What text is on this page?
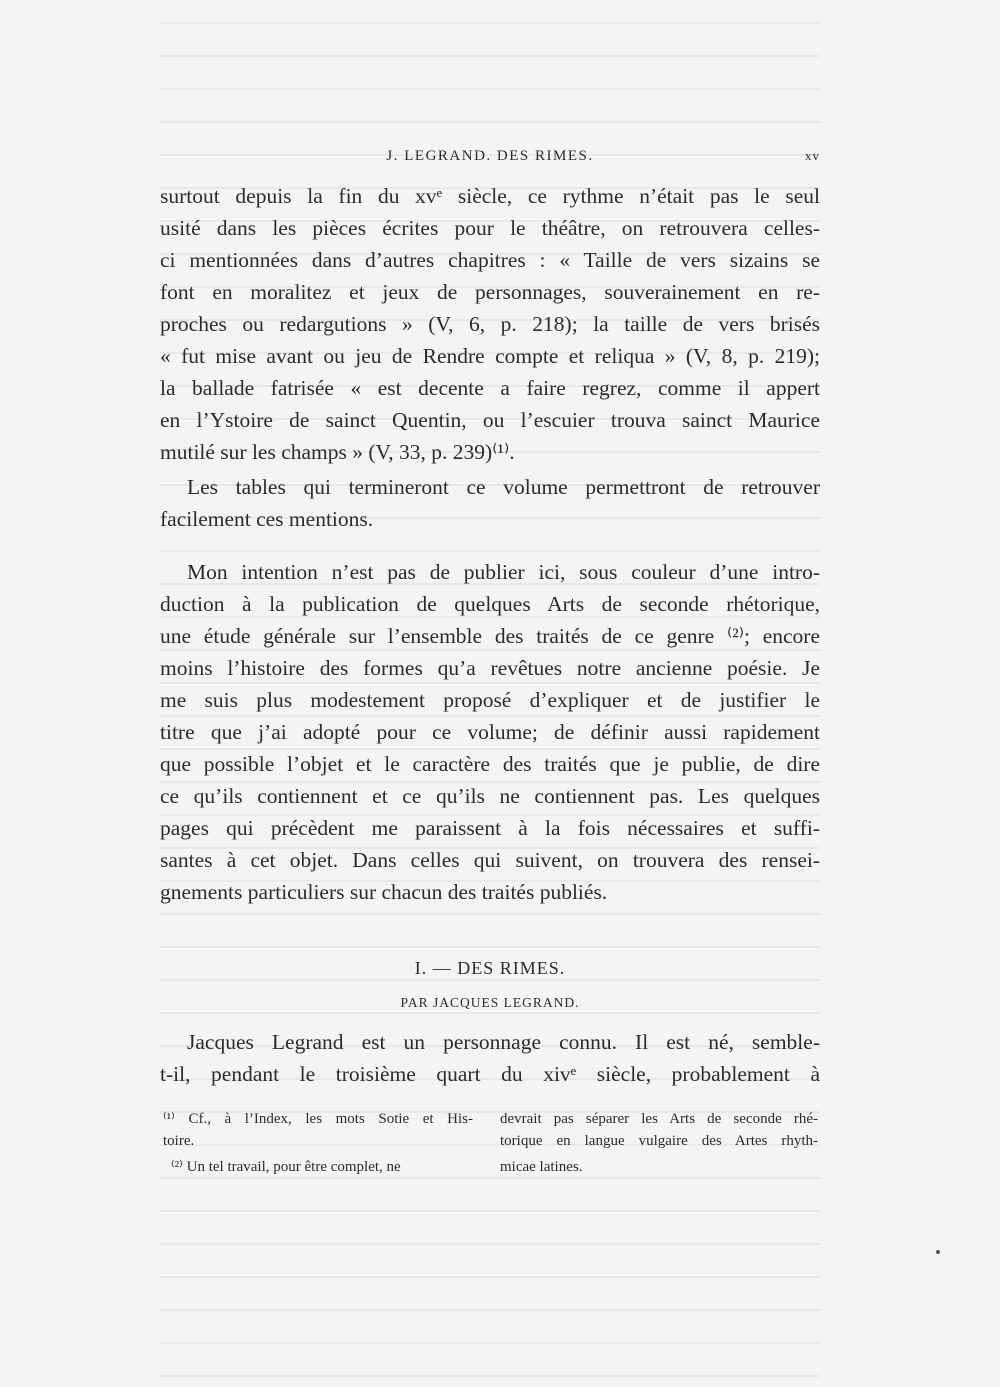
J. LEGRAND. DES RIMES.	xv
surtout depuis la fin du xvᵉ siècle, ce rythme n’était pas le seul
usité dans les pièces écrites pour le théâtre, on retrouvera celles-
ci mentionnées dans d’autres chapitres : « Taille de vers sizains se
font en moralitez et jeux de personnages, souverainement en re-
proches ou redargutions » (V, 6, p. 218); la taille de vers brisés
« fut mise avant ou jeu de Rendre compte et reliqua » (V, 8, p. 219);
la ballade fatrisée « est decente a faire regrez, comme il appert
en l’Ystoire de sainct Quentin, ou l’escuier trouva sainct Maurice
mutilé sur les champs » (V, 33, p. 239)⁽¹⁾.
Les tables qui termineront ce volume permettront de retrouver
facilement ces mentions.
Mon intention n’est pas de publier ici, sous couleur d’une intro-
duction à la publication de quelques Arts de seconde rhétorique,
une étude générale sur l’ensemble des traités de ce genre ⁽²⁾; encore
moins l’histoire des formes qu’a revêtues notre ancienne poésie. Je
me suis plus modestement proposé d’expliquer et de justifier le
titre que j’ai adopté pour ce volume; de définir aussi rapidement
que possible l’objet et le caractère des traités que je publie, de dire
ce qu’ils contiennent et ce qu’ils ne contiennent pas. Les quelques
pages qui précèdent me paraissent à la fois nécessaires et suffi-
santes à cet objet. Dans celles qui suivent, on trouvera des rensei-
gnements particuliers sur chacun des traités publiés.
I. — DES RIMES.
PAR JACQUES LEGRAND.
Jacques Legrand est un personnage connu. Il est né, semble-
t-il, pendant le troisième quart du xivᵉ siècle, probablement à
⁽¹⁾ Cf., à l’Index, les mots Sotie et His-
toire.
⁽²⁾ Un tel travail, pour être complet, ne
devrait pas séparer les Arts de seconde rhé-
torique en langue vulgaire des Artes rhyth-
micae latines.
